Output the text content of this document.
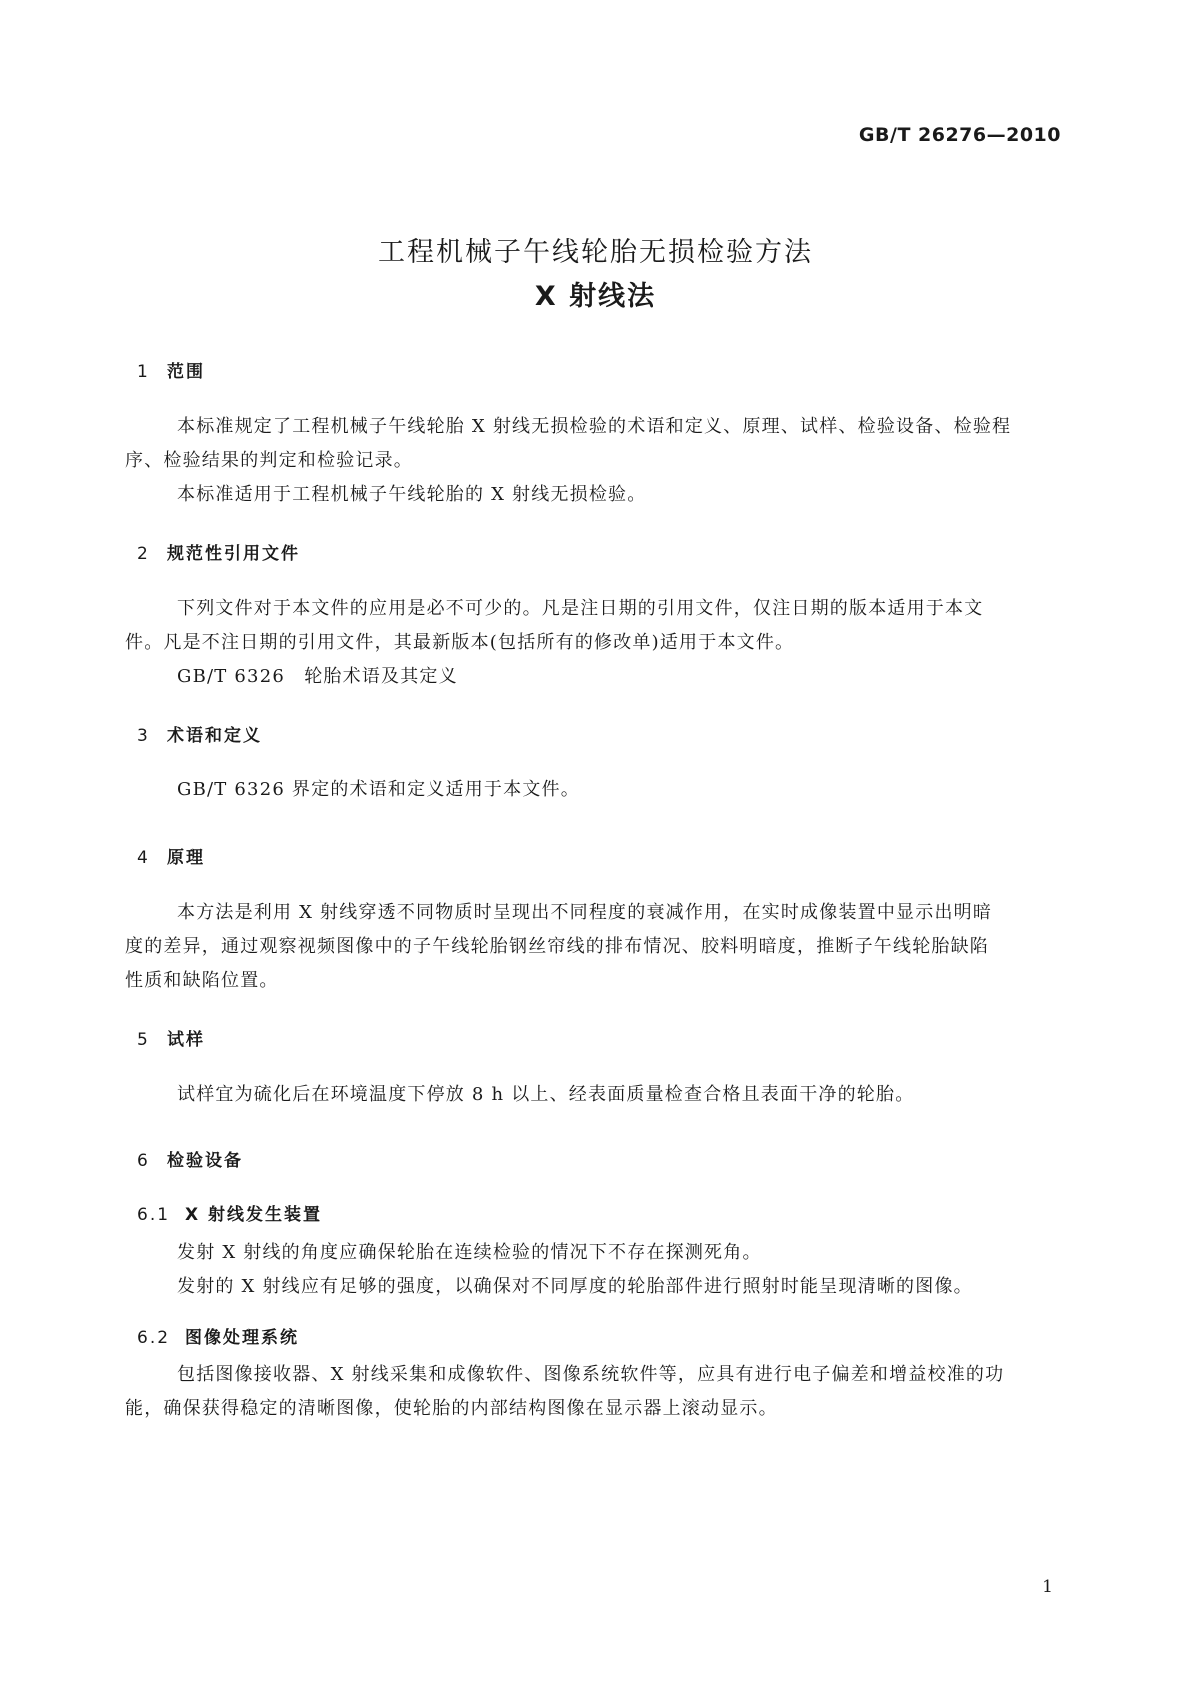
GB/T 26276—2010
工程机械子午线轮胎无损检验方法
X 射线法
1 范围
本标准规定了工程机械子午线轮胎 X 射线无损检验的术语和定义、原理、试样、检验设备、检验程
序、检验结果的判定和检验记录。
本标准适用于工程机械子午线轮胎的 X 射线无损检验。
2 规范性引用文件
下列文件对于本文件的应用是必不可少的。凡是注日期的引用文件，仅注日期的版本适用于本文
件。凡是不注日期的引用文件，其最新版本(包括所有的修改单)适用于本文件。
GB/T 6326　轮胎术语及其定义
3 术语和定义
GB/T 6326 界定的术语和定义适用于本文件。
4 原理
本方法是利用 X 射线穿透不同物质时呈现出不同程度的衰减作用，在实时成像装置中显示出明暗
度的差异，通过观察视频图像中的子午线轮胎钢丝帘线的排布情况、胶料明暗度，推断子午线轮胎缺陷
性质和缺陷位置。
5 试样
试样宜为硫化后在环境温度下停放 8 h 以上、经表面质量检查合格且表面干净的轮胎。
6 检验设备
6.1 X 射线发生装置
发射 X 射线的角度应确保轮胎在连续检验的情况下不存在探测死角。
发射的 X 射线应有足够的强度，以确保对不同厚度的轮胎部件进行照射时能呈现清晰的图像。
6.2 图像处理系统
包括图像接收器、X 射线采集和成像软件、图像系统软件等，应具有进行电子偏差和增益校准的功
能，确保获得稳定的清晰图像，使轮胎的内部结构图像在显示器上滚动显示。
1
